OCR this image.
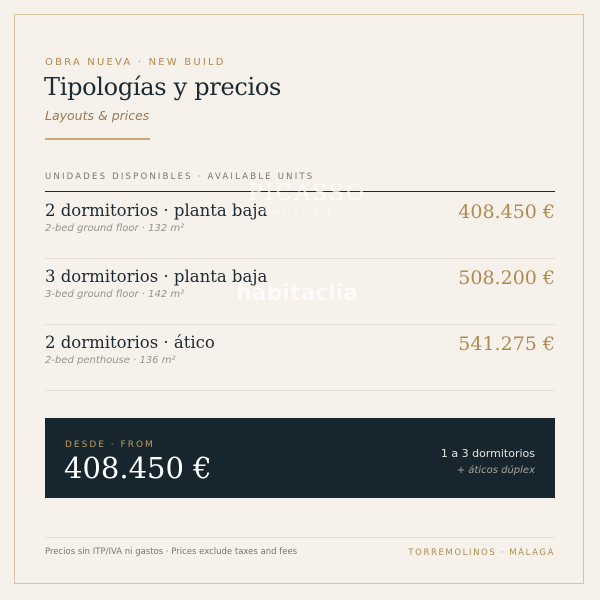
OBRA NUEVA · NEW BUILD
Tipologías y precios
Layouts & prices
UNIDADES DISPONIBLES · AVAILABLE UNITS
2 dormitorios · planta baja
2-bed ground floor · 132 m²
408.450 €
3 dormitorios · planta baja
3-bed ground floor · 142 m²
508.200 €
2 dormitorios · ático
2-bed penthouse · 136 m²
541.275 €
PICASSO
REAL ESTATE
habitaclia
DESDE · FROM
408.450 €	1 a 3 dormitorios
+ áticos dúplex
Precios sin ITP/IVA ni gastos · Prices exclude taxes and fees	TORREMOLINOS · MÁLAGA
